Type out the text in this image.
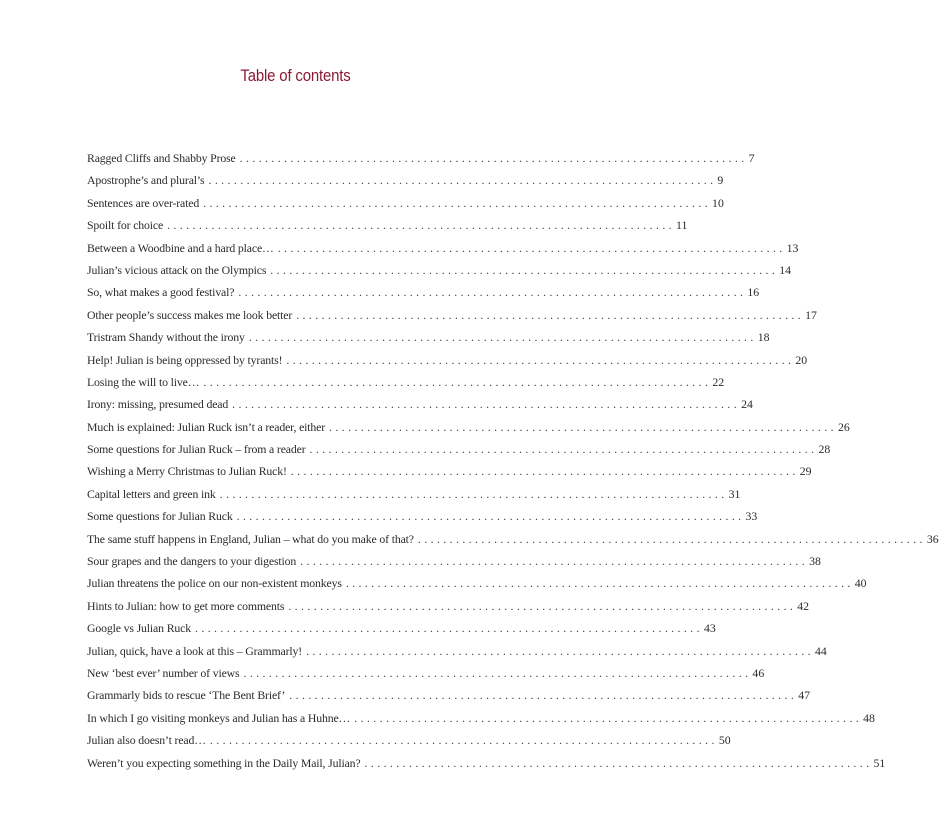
Table of contents
Ragged Cliffs and Shabby Prose ................................................................................ 7
Apostrophe’s and plural’s ................................................................................ 9
Sentences are over-rated ................................................................................ 10
Spoilt for choice ................................................................................ 11
Between a Woodbine and a hard place… ................................................................................ 13
Julian’s vicious attack on the Olympics ................................................................................ 14
So, what makes a good festival? ................................................................................ 16
Other people’s success makes me look better ................................................................................ 17
Tristram Shandy without the irony ................................................................................ 18
Help! Julian is being oppressed by tyrants! ................................................................................ 20
Losing the will to live… ................................................................................ 22
Irony: missing, presumed dead ................................................................................ 24
Much is explained: Julian Ruck isn’t a reader, either ................................................................................ 26
Some questions for Julian Ruck – from a reader ................................................................................ 28
Wishing a Merry Christmas to Julian Ruck! ................................................................................ 29
Capital letters and green ink ................................................................................ 31
Some questions for Julian Ruck ................................................................................ 33
The same stuff happens in England, Julian – what do you make of that? ................................................................................ 36
Sour grapes and the dangers to your digestion ................................................................................ 38
Julian threatens the police on our non-existent monkeys ................................................................................ 40
Hints to Julian: how to get more comments ................................................................................ 42
Google vs Julian Ruck ................................................................................ 43
Julian, quick, have a look at this – Grammarly! ................................................................................ 44
New ‘best ever’ number of views ................................................................................ 46
Grammarly bids to rescue ‘The Bent Brief’ ................................................................................ 47
In which I go visiting monkeys and Julian has a Huhne… ................................................................................ 48
Julian also doesn’t read… ................................................................................ 50
Weren’t you expecting something in the Daily Mail, Julian? ................................................................................ 51
